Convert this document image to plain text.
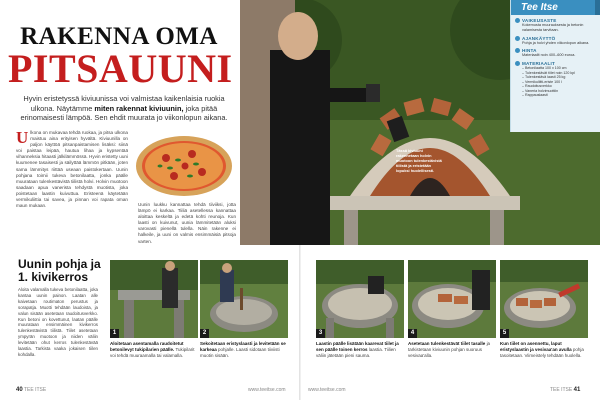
RAKENNA OMA
PITSAUUNI
Hyvin eristetyssä kiviuunissa voi valmistaa kaikenlaisia ruokia ulkona. Näytämme miten rakennat kiviuunin, joka pitää erinomaisesti lämpöä. Sen ehdit muurata jo viikonlopun aikana.
U lkona on mukavaa tehdä ruokaa, ja pitsa ulkona maistuu aina erityisen hyvältä. Kiviuunilla on paljon käyttöä pitsanpaistamisen lisäksi: siinä voi paistaa leipää, hautua lihaa ja kypsentää vihanneksia hitaasti jälkilämmössä. Hyvin eristetty uuni kuumenee tasaisesti ja säilyttää lämmön pitkään, joten sama lämmitys riittää useaan paistokertaan. Uunin pohjana toimii tukeva betonilaatta, jonka päälle muurataan tulenkestävistä tiilistä holvi. Holvin muotoon saadaan apua vanerista tehdystä muotista, joka poistetaan laastin kuivuttua. Eristeenä käytetään vermikuliittia tai savea, ja pinnan voi rapata oman maun mukaan.	Uunin luukku kannattaa tehdä tiiviiksi, jotta lämpö ei karkaa. Tiiliä asetellessa kannattaa aloittaa keskeltä ja edetä kohti reunoja. Kun laasti on kuivunut, uunia lämmitetään aluksi varovasti pienellä tulella. Näin rakenne ei halkeile, ja uuni on valmis ensimmäisiä pitsoja varten.
Uunin pohja ja
1. kivikerros
Aloita valamalla tukeva betonilaatta, joka kantaa uunin painon. Laatan alle kaivetaan routimaton perustus ja sorapatja. Muotti tehdään laudoista, ja valun sisään asetetaan raudoitusverkko. Kun betoni on kovettunut, laatan päälle muurataan ensimmäinen kivikerros tulenkestävistä tiilistä. Tiilet asetetaan ympyrän muotoon ja niiden väliin levitetään ohut kerros tulenkestävää laastia. Tarkista vaaka jokaisen tiilen kohdalla.
1
Aloitetaan asentamalla raudoitetut betonilevyt tukipilarien päälle. Tukipilarit voi tehdä muuraamalla tai valamalla.
2
Sekoitetaan eristyslaasti ja levitetään se karkeaa pohjalle. Laasti sidotaan tiiviisti muotin sisään.
Tässä kiviuuni rakennetaan holvin muotoon tulenkestävistä tiilistä ja eristetään lopuksi huolellisesti.
Tee Itse
VAIKEUSASTE
Kokemusta muurauksesta ja betonin valamisesta tarvitaan.
AJANKÄYTTÖ
Pohja ja holvi yhden viikonlopun aikana.
HINTA
Materiaalit noin 400–600 euroa.
MATERIAALIT
– Betonilaatta 100 x 100 cm
– Tulenkestävät tiilet noin 120 kpl
– Tulenkestävä laasti 25 kg
– Vermikuliitti-eriste 100 l
– Raudoitusverkko
– Vaneria holvimuottiin
– Rappauslaasti
3
Laastin päälle lisätään kaarevat tiilet ja sen päälle toinen kerros laastia. Tiilien väliin jätetään pieni sauma.
4
Asetetaan tulenkestävät tiilet tasalle ja tarkistetaan kiviuunin pohjan suoruus vesivaa'alla.
5
Kun tiilet on asennettu, laput eristyslaastin ja vesivaa'an avulla pohja tasoitetaan. Viimeistely tehdään huolella.
40 TEE ITSE	www.teeitse.com	www.teeitse.com	TEE ITSE 41
